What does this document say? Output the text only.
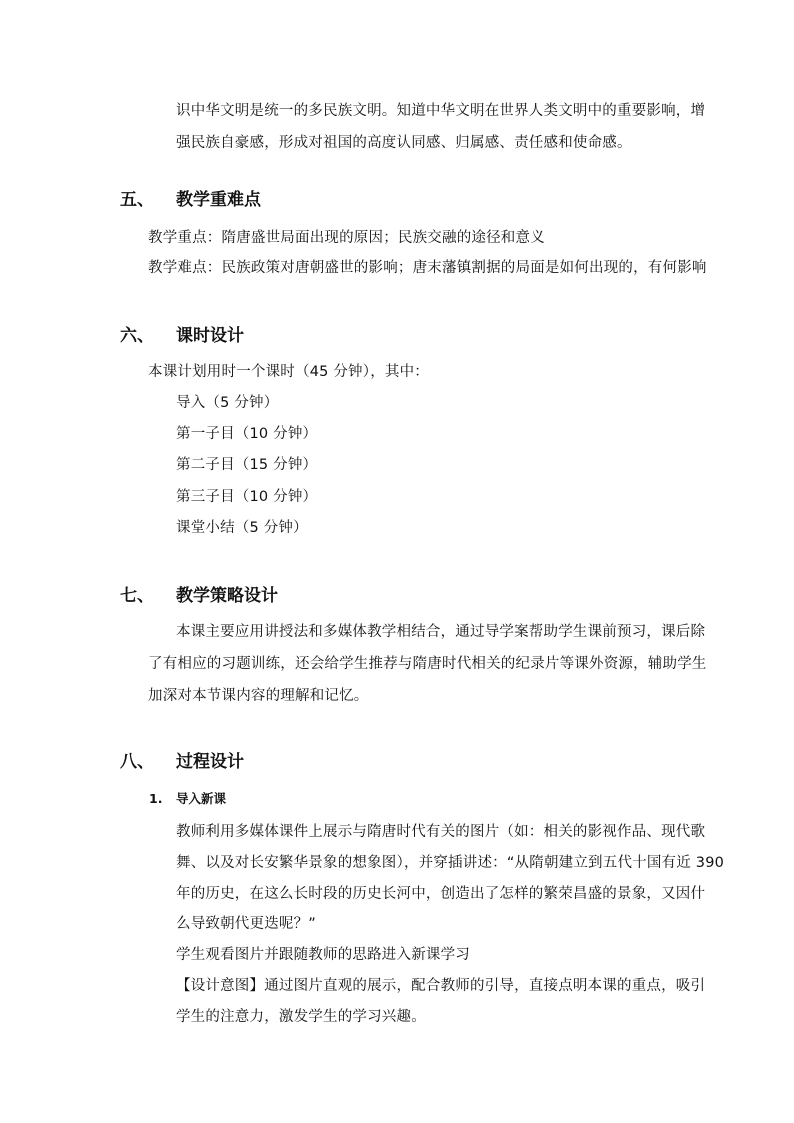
识中华文明是统一的多民族文明。知道中华文明在世界人类文明中的重要影响，增
强民族自豪感，形成对祖国的高度认同感、归属感、责任感和使命感。
五、 教学重难点
教学重点：隋唐盛世局面出现的原因；民族交融的途径和意义
教学难点：民族政策对唐朝盛世的影响；唐末藩镇割据的局面是如何出现的，有何影响
六、 课时设计
本课计划用时一个课时（45 分钟），其中：
导入（5 分钟）
第一子目（10 分钟）
第二子目（15 分钟）
第三子目（10 分钟）
课堂小结（5 分钟）
七、 教学策略设计
本课主要应用讲授法和多媒体教学相结合，通过导学案帮助学生课前预习，课后除
了有相应的习题训练，还会给学生推荐与隋唐时代相关的纪录片等课外资源，辅助学生
加深对本节课内容的理解和记忆。
八、 过程设计
1. 导入新课
教师利用多媒体课件上展示与隋唐时代有关的图片（如：相关的影视作品、现代歌
舞、以及对长安繁华景象的想象图），并穿插讲述：“从隋朝建立到五代十国有近 390
年的历史，在这么长时段的历史长河中，创造出了怎样的繁荣昌盛的景象，又因什
么导致朝代更迭呢？”
学生观看图片并跟随教师的思路进入新课学习
【设计意图】通过图片直观的展示，配合教师的引导，直接点明本课的重点，吸引
学生的注意力，激发学生的学习兴趣。
